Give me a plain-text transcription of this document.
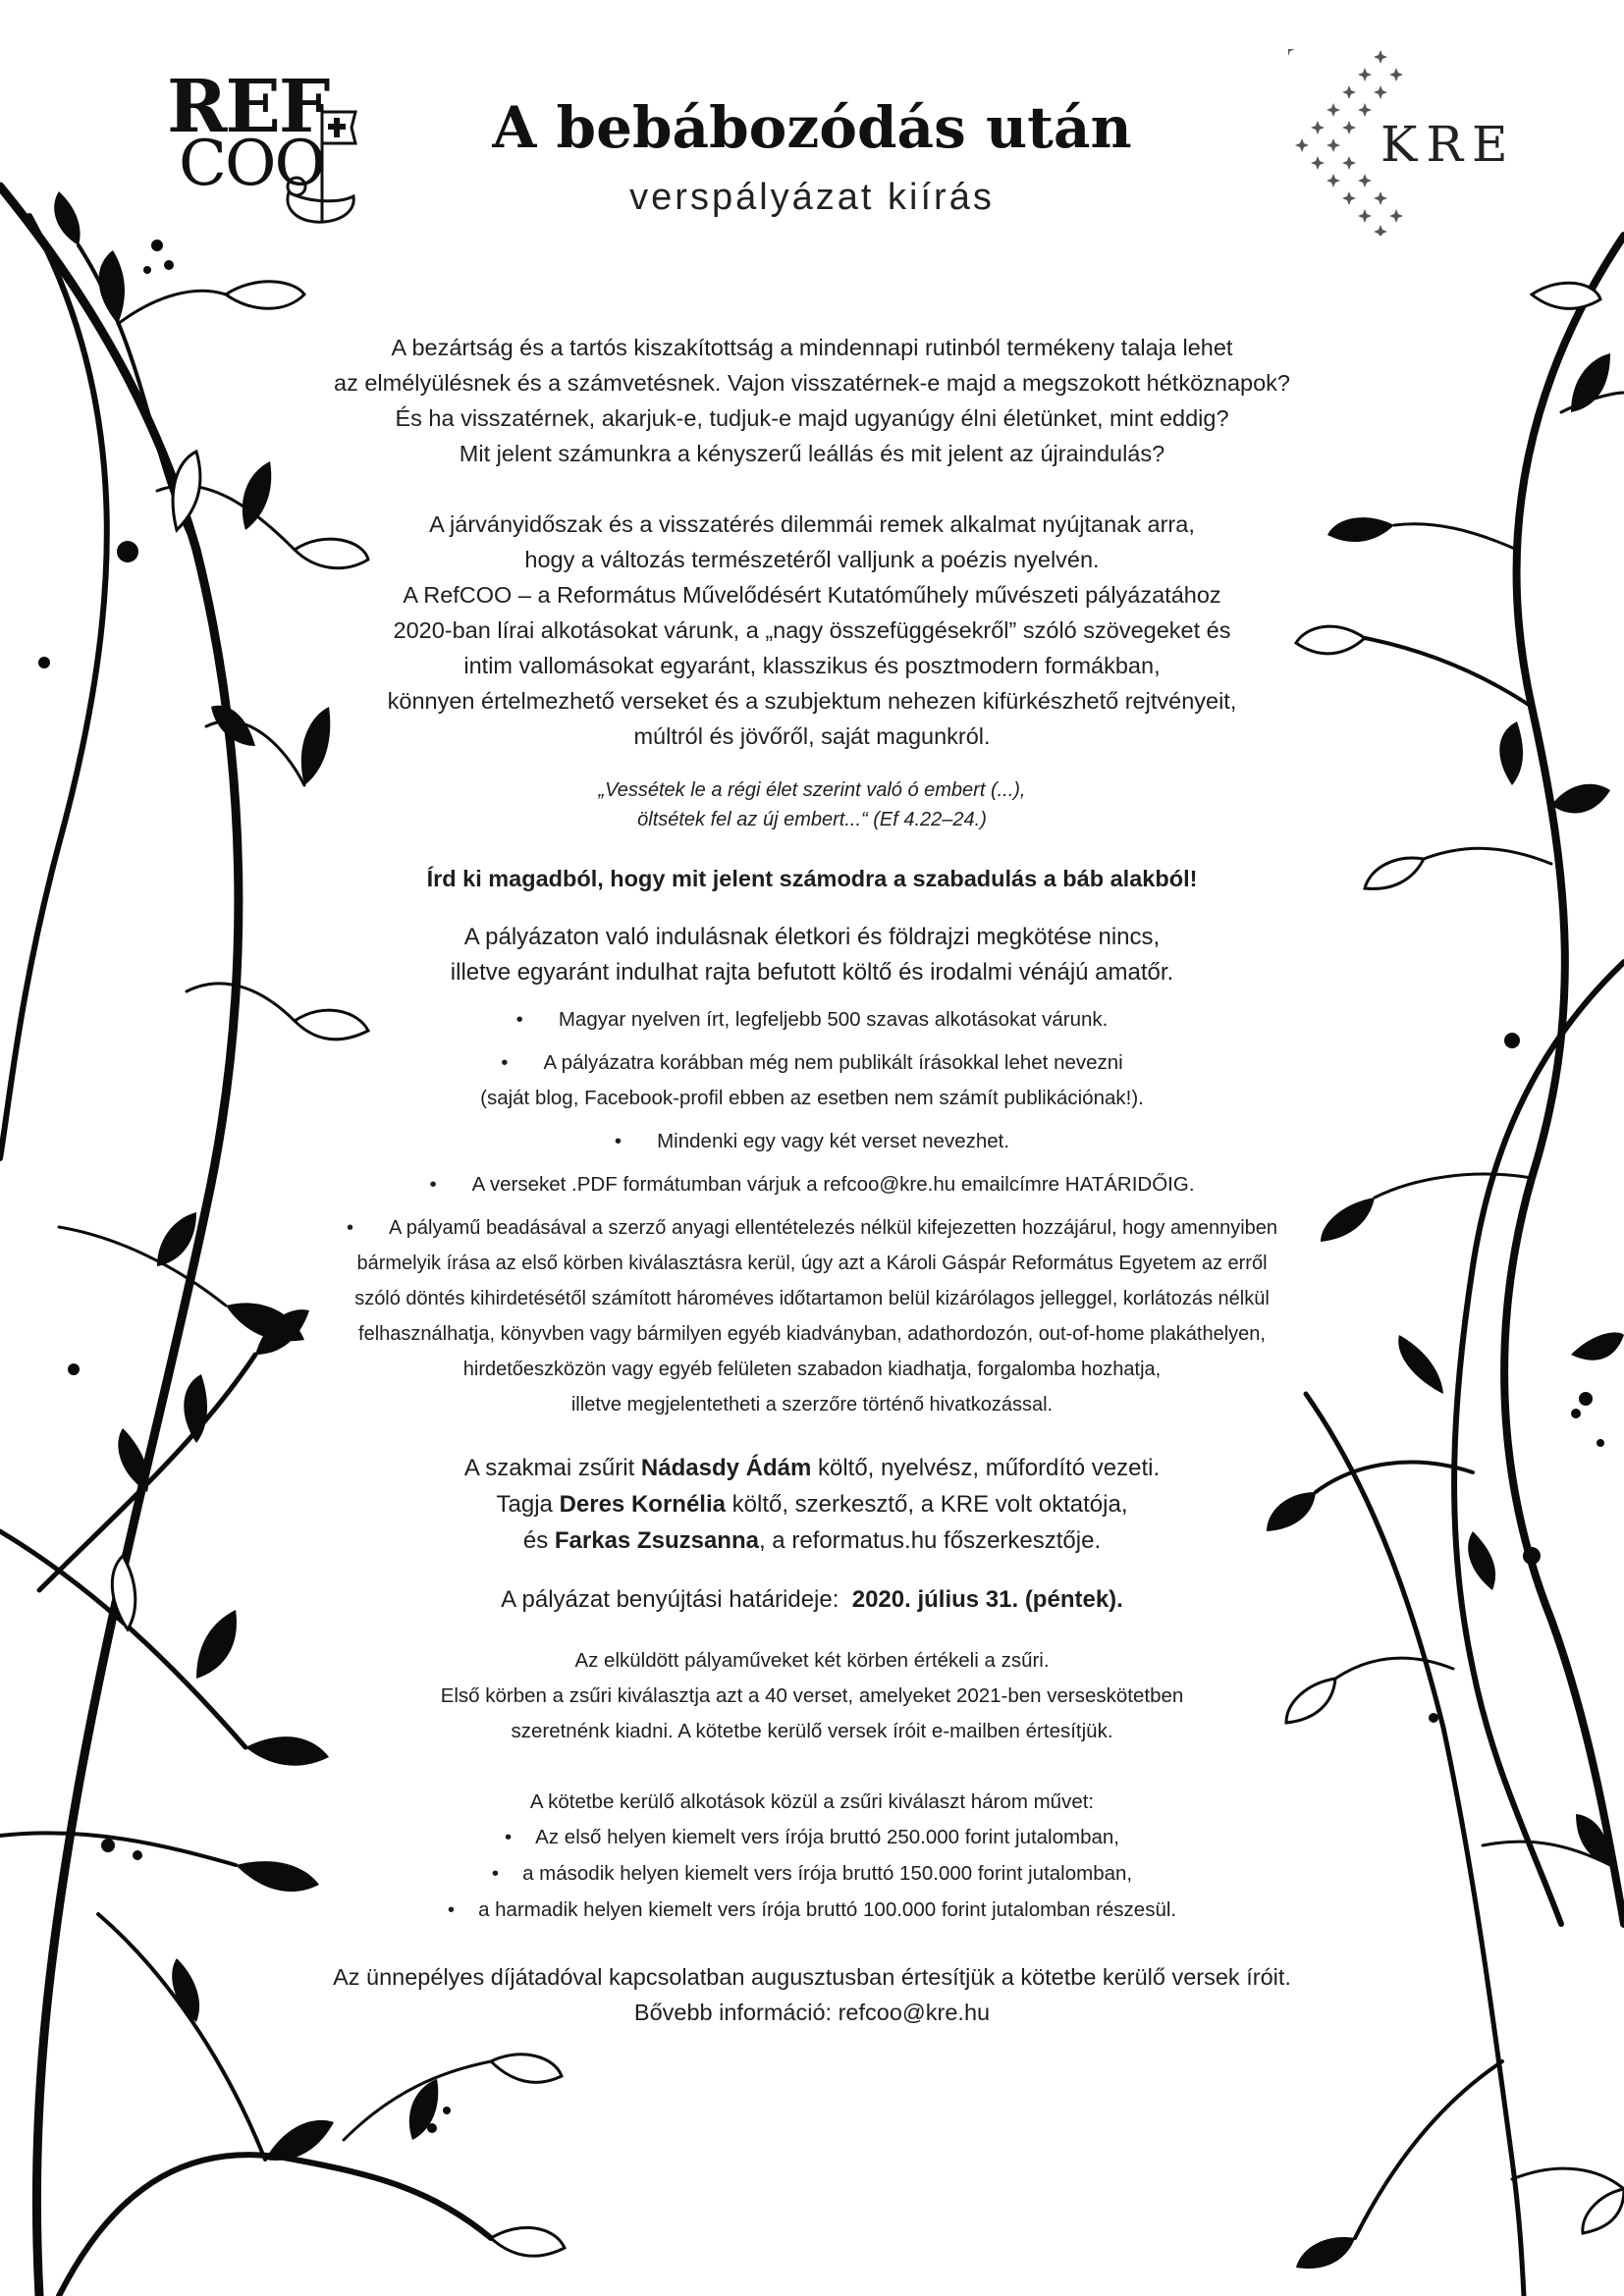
REF
COO	KRE
A bebábozódás után
verspályázat kiírás

A bezártság és a tartós kiszakítottság a mindennapi rutinból termékeny talaja lehet
az elmélyülésnek és a számvetésnek. Vajon visszatérnek-e majd a megszokott hétköznapok?
És ha visszatérnek, akarjuk-e, tudjuk-e majd ugyanúgy élni életünket, mint eddig?
Mit jelent számunkra a kényszerű leállás és mit jelent az újraindulás?

A járványidőszak és a visszatérés dilemmái remek alkalmat nyújtanak arra,
hogy a változás természetéről valljunk a poézis nyelvén.
A RefCOO – a Református Művelődésért Kutatóműhely művészeti pályázatához
2020-ban lírai alkotásokat várunk, a „nagy összefüggésekről” szóló szövegeket és
intim vallomásokat egyaránt, klasszikus és posztmodern formákban,
könnyen értelmezhető verseket és a szubjektum nehezen kifürkészhető rejtvényeit,
múltról és jövőről, saját magunkról.

„Vessétek le a régi élet szerint való ó embert (...),
öltsétek fel az új embert...“ (Ef 4.22–24.)

Írd ki magadból, hogy mit jelent számodra a szabadulás a báb alakból!

A pályázaton való indulásnak életkori és földrajzi megkötése nincs,
illetve egyaránt indulhat rajta befutott költő és irodalmi vénájú amatőr.

• Magyar nyelven írt, legfeljebb 500 szavas alkotásokat várunk.
• A pályázatra korábban még nem publikált írásokkal lehet nevezni
(saját blog, Facebook-profil ebben az esetben nem számít publikációnak!).
• Mindenki egy vagy két verset nevezhet.
• A verseket .PDF formátumban várjuk a refcoo@kre.hu emailcímre HATÁRIDŐIG.
• A pályamű beadásával a szerző anyagi ellentételezés nélkül kifejezetten hozzájárul, hogy amennyiben
bármelyik írása az első körben kiválasztásra kerül, úgy azt a Károli Gáspár Református Egyetem az erről
szóló döntés kihirdetésétől számított hároméves időtartamon belül kizárólagos jelleggel, korlátozás nélkül
felhasználhatja, könyvben vagy bármilyen egyéb kiadványban, adathordozón, out-of-home plakáthelyen,
hirdetőeszközön vagy egyéb felületen szabadon kiadhatja, forgalomba hozhatja,
illetve megjelentetheti a szerzőre történő hivatkozással.

A szakmai zsűrit Nádasdy Ádám költő, nyelvész, műfordító vezeti.
Tagja Deres Kornélia költő, szerkesztő, a KRE volt oktatója,
és Farkas Zsuzsanna, a reformatus.hu főszerkesztője.

A pályázat benyújtási határideje:  2020. július 31. (péntek).

Az elküldött pályaműveket két körben értékeli a zsűri.
Első körben a zsűri kiválasztja azt a 40 verset, amelyeket 2021-ben verseskötetben
szeretnénk kiadni. A kötetbe kerülő versek íróit e-mailben értesítjük.

A kötetbe kerülő alkotások közül a zsűri kiválaszt három művet:

• Az első helyen kiemelt vers írója bruttó 250.000 forint jutalomban,
• a második helyen kiemelt vers írója bruttó 150.000 forint jutalomban,
• a harmadik helyen kiemelt vers írója bruttó 100.000 forint jutalomban részesül.

Az ünnepélyes díjátadóval kapcsolatban augusztusban értesítjük a kötetbe kerülő versek íróit.
Bővebb információ: refcoo@kre.hu
